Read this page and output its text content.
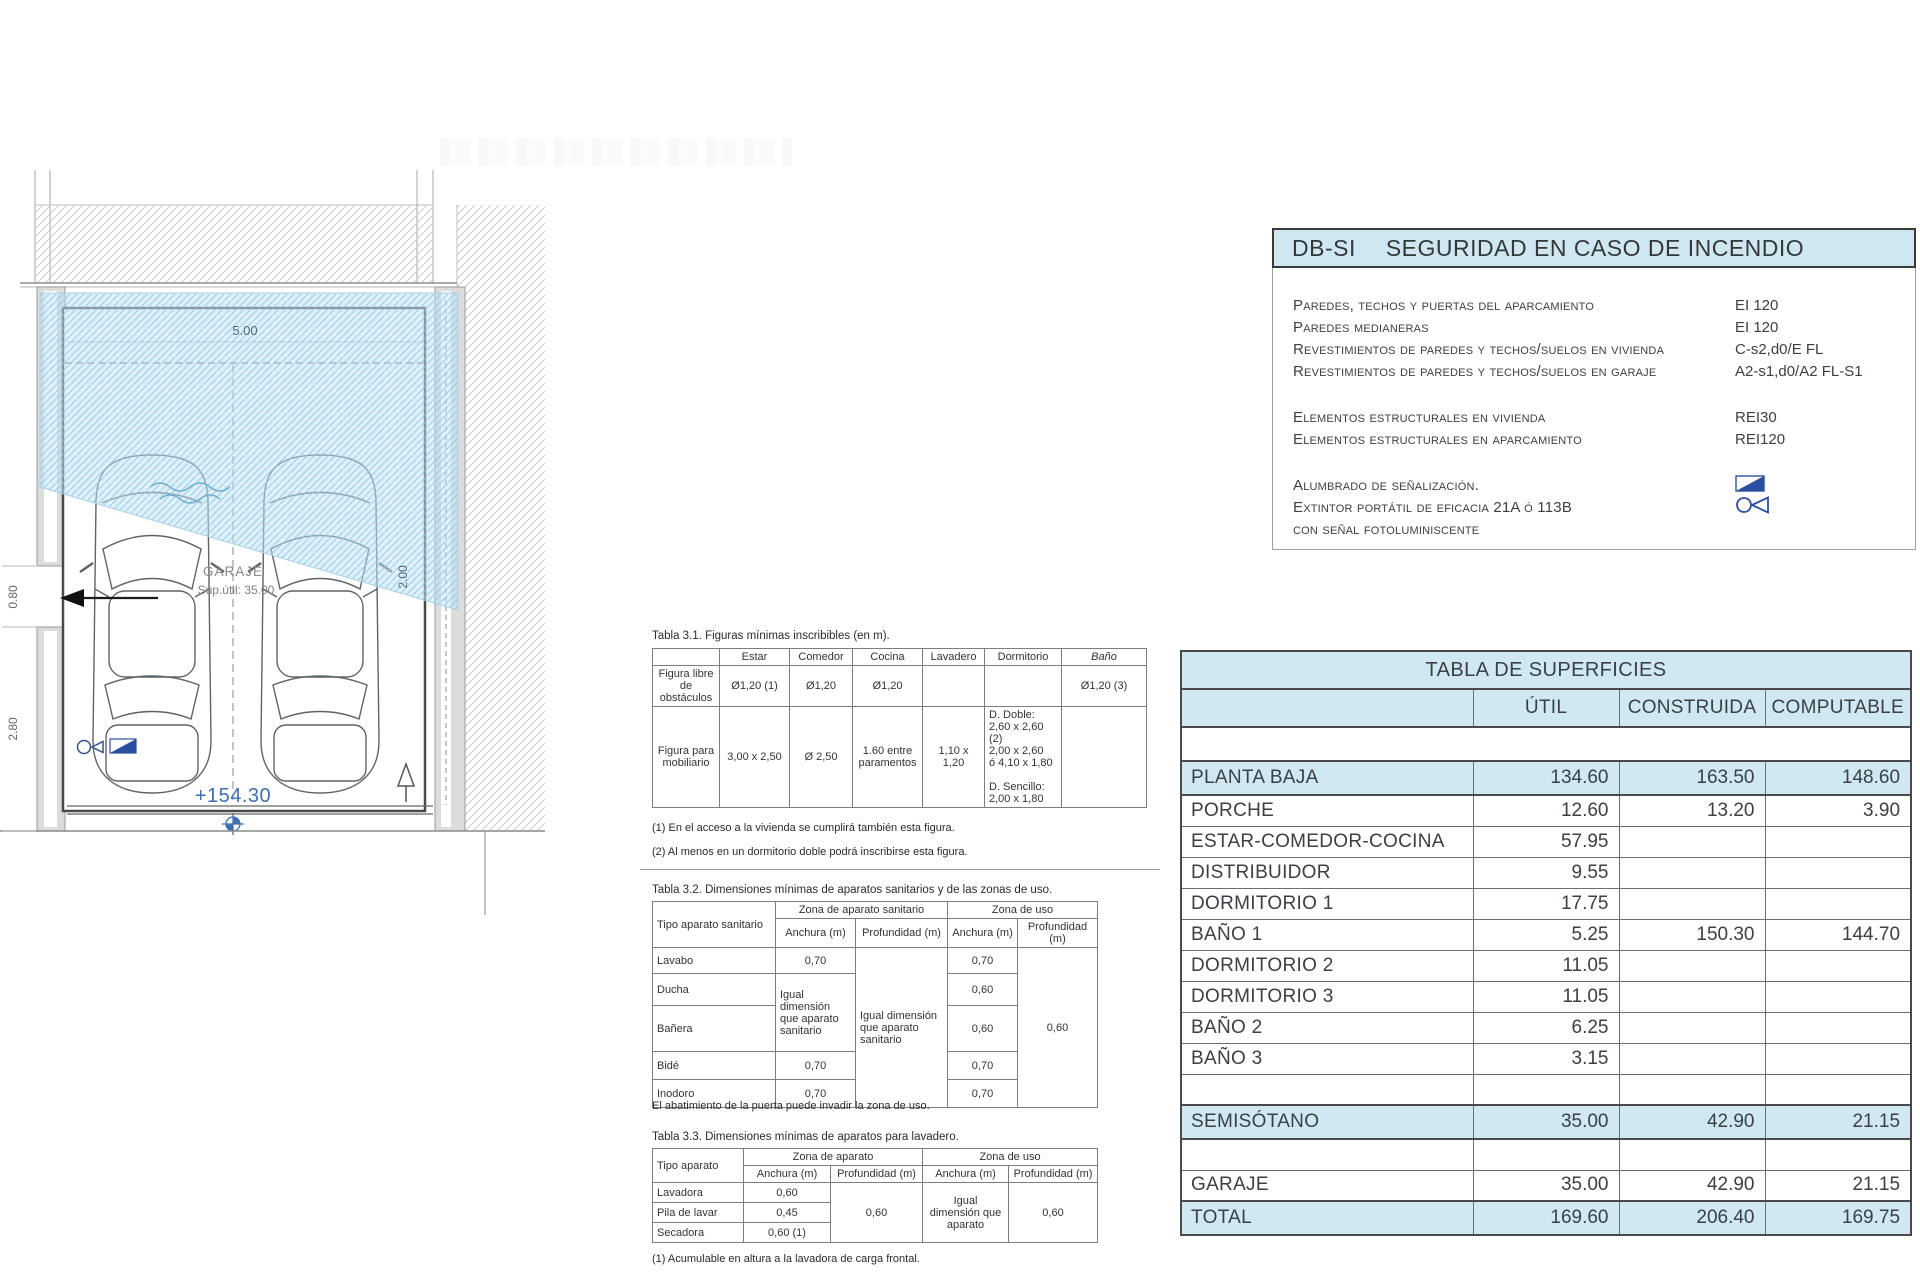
5.00
GARAJE
Sup.útil: 35.00
2.00
+154.30
0.80
2.80
Tabla 3.1. Figuras mínimas inscribibles (en m).
	Estar	Comedor	Cocina	Lavadero	Dormitorio	Baño
Figura libre de obstáculos	Ø1,20 (1)	Ø1,20	Ø1,20			Ø1,20 (3)
Figura para mobiliario	3,00 x 2,50	Ø 2,50	1.60 entre paramentos	1,10 x 1,20	D. Doble:
2,60 x 2,60 (2)
2,00 x 2,60
ó 4,10 x 1,80

D. Sencillo:
2,00 x 1,80	
(1) En el acceso a la vivienda se cumplirá también esta figura.
(2) Al menos en un dormitorio doble podrá inscribirse esta figura.
Tabla 3.2. Dimensiones mínimas de aparatos sanitarios y de las zonas de uso.
Tipo aparato sanitario	Zona de aparato sanitario		Zona de uso	
	Anchura (m)	Profundidad (m)	Anchura (m)	Profundidad (m)
Lavabo	0,70	Igual dimensión que aparato sanitario	0,70	0,60
Ducha	Igual dimensión que aparato sanitario		0,60	
Bañera			0,60	
Bidé	0,70		0,70	
Inodoro	0,70		0,70	
El abatimiento de la puerta puede invadir la zona de uso.
Tabla 3.3. Dimensiones mínimas de aparatos para lavadero.
Tipo aparato	Zona de aparato		Zona de uso	
	Anchura (m)	Profundidad (m)	Anchura (m)	Profundidad (m)
Lavadora	0,60	0,60	Igual dimensión que aparato	0,60
Pila de lavar	0,45			
Secadora	0,60 (1)			
(1) Acumulable en altura a la lavadora de carga frontal.
DB-SI SEGURIDAD EN CASO DE INCENDIO
Paredes, techos y puertas del aparcamiento	EI 120
Paredes medianeras	EI 120
Revestimientos de paredes y techos/suelos en vivienda	C-s2,d0/E FL
Revestimientos de paredes y techos/suelos en garaje	A2-s1,d0/A2 FL-S1
Elementos estructurales en vivienda	REI30
Elementos estructurales en aparcamiento	REI120
Alumbrado de señalización.
Extintor portátil de eficacia 21A ó 113B
con señal fotoluminiscente
TABLA DE SUPERFICIES			
	ÚTIL	CONSTRUIDA	COMPUTABLE

PLANTA BAJA	134.60	163.50	148.60
PORCHE	12.60	13.20	3.90
ESTAR-COMEDOR-COCINA	57.95		
DISTRIBUIDOR	9.55		
DORMITORIO 1	17.75		
BAÑO 1	5.25	150.30	144.70
DORMITORIO 2	11.05		
DORMITORIO 3	11.05		
BAÑO 2	6.25		
BAÑO 3	3.15		

SEMISÓTANO	35.00	42.90	21.15

GARAJE	35.00	42.90	21.15
TOTAL	169.60	206.40	169.75
